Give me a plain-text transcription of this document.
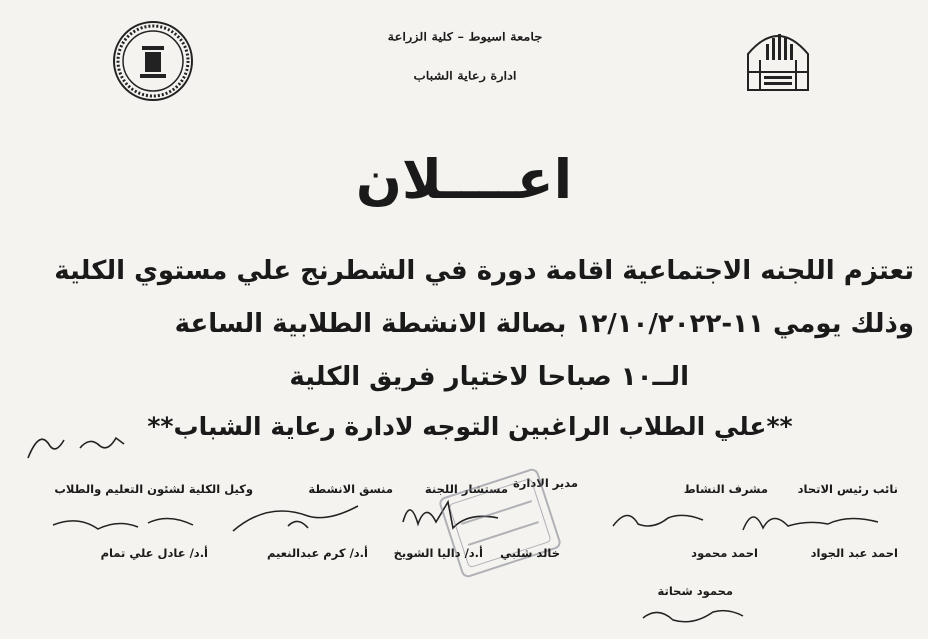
جامعة اسيوط – كلية الزراعة

ادارة رعاية الشباب

اعــــلان

تعتزم اللجنه الاجتماعية اقامة دورة في الشطرنج علي مستوي الكلية
وذلك يومي ١١-١٢/١٠/٢٠٢٢ بصالة الانشطة الطلابية الساعة
الــ١٠ صباحا لاختيار فريق الكلية

**علي الطلاب الراغبين التوجه لادارة رعاية الشباب**

نائب رئيس الاتحاد
مشرف النشاط
مدير الادارة
مستشار اللجنة
منسق الانشطة
وكيل الكلية لشئون التعليم والطلاب
احمد عبد الجواد
احمد محمود
خالد شلبي
أ.د/ داليا الشويخ
أ.د/ كرم عبدالنعيم
أ.د/ عادل علي تمام
محمود شحاتة
